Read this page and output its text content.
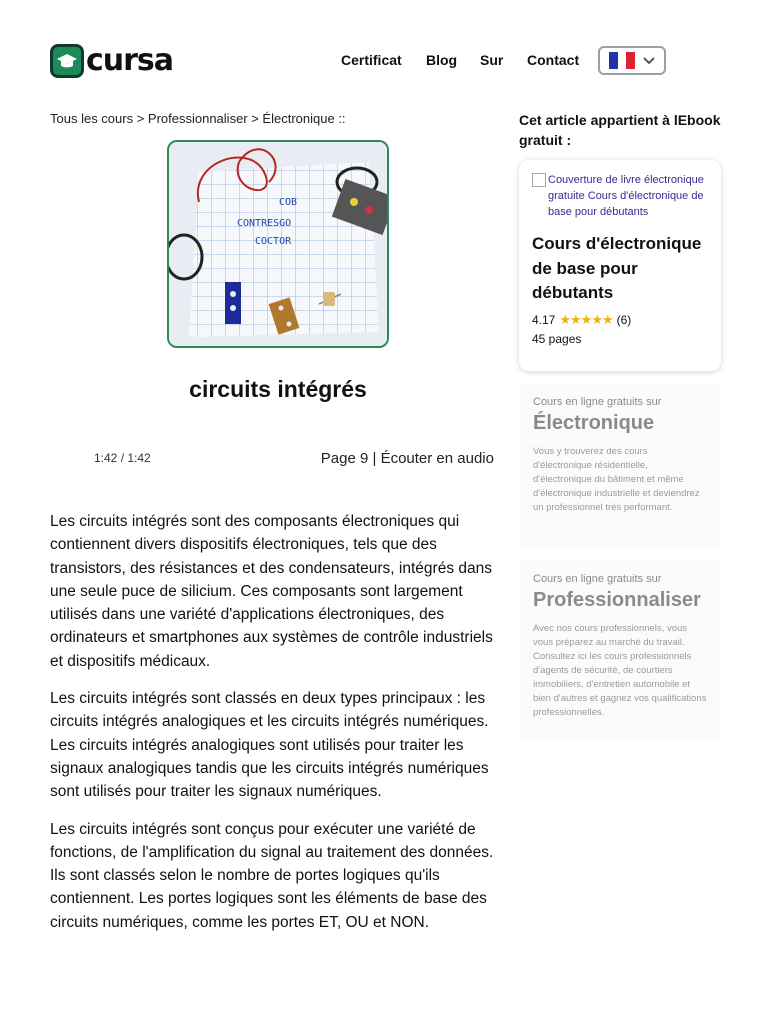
cursa	Certificat Blog Sur Contact
Tous les cours > Professionnaliser > Électronique ::
COB
CONTRESGO
COCTOR
circuits intégrés
1:42 / 1:42	Page 9 | Écouter en audio

Les circuits intégrés sont des composants électroniques qui contiennent divers dispositifs électroniques, tels que des transistors, des résistances et des condensateurs, intégrés dans une seule puce de silicium. Ces composants sont largement utilisés dans une variété d'applications électroniques, des ordinateurs et smartphones aux systèmes de contrôle industriels et dispositifs médicaux.

Les circuits intégrés sont classés en deux types principaux : les circuits intégrés analogiques et les circuits intégrés numériques. Les circuits intégrés analogiques sont utilisés pour traiter les signaux analogiques tandis que les circuits intégrés numériques sont utilisés pour traiter les signaux numériques.

Les circuits intégrés sont conçus pour exécuter une variété de fonctions, de l'amplification du signal au traitement des données. Ils sont classés selon le nombre de portes logiques qu'ils contiennent. Les portes logiques sont les éléments de base des circuits numériques, comme les portes ET, OU et NON.

Cet article appartient à lEbook gratuit :
Couverture de livre électronique gratuite Cours d'électronique de base pour débutants
Cours d'électronique de base pour débutants
4.17 ★★★★★ (6)
45 pages
Cours en ligne gratuits sur
Électronique
Vous y trouverez des cours d'électronique résidentielle, d'électronique du bâtiment et même d'électronique industrielle et deviendrez un professionnel très performant.
Cours en ligne gratuits sur
Professionnaliser
Avec nos cours professionnels, vous vous préparez au marché du travail. Consultez ici les cours professionnels d'agents de sécurité, de courtiers immobiliers, d'entretien automobile et bien d'autres et gagnez vos qualifications professionnelles.
